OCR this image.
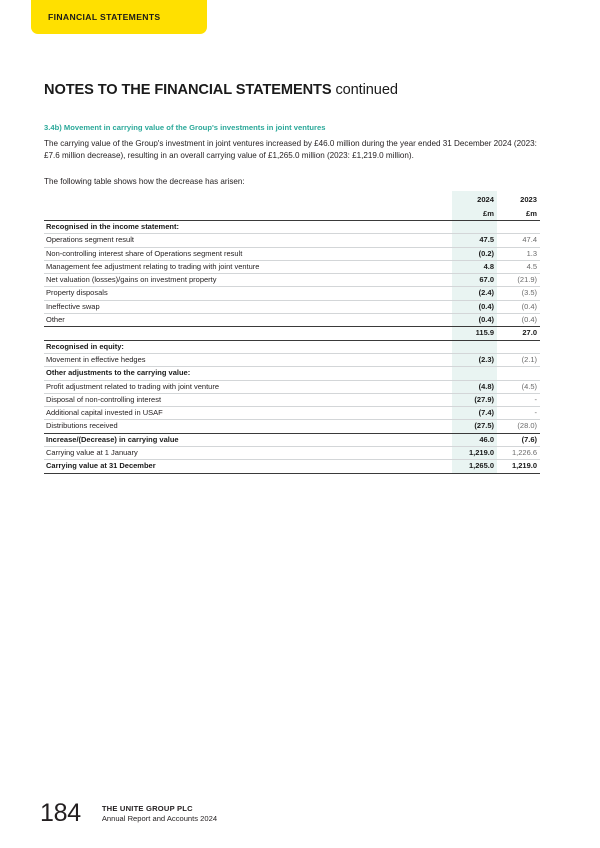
FINANCIAL STATEMENTS
NOTES TO THE FINANCIAL STATEMENTS continued
3.4b) Movement in carrying value of the Group's investments in joint ventures

The carrying value of the Group's investment in joint ventures increased by £46.0 million during the year ended 31 December 2024 (2023: £7.6 million decrease), resulting in an overall carrying value of £1,265.0 million (2023: £1,219.0 million).

The following table shows how the decrease has arisen:

	2024	2023
	£m	£m
Recognised in the income statement:		
Operations segment result	47.5	47.4
Non-controlling interest share of Operations segment result	(0.2)	1.3
Management fee adjustment relating to trading with joint venture	4.8	4.5
Net valuation (losses)/gains on investment property	67.0	(21.9)
Property disposals	(2.4)	(3.5)
Ineffective swap	(0.4)	(0.4)
Other	(0.4)	(0.4)
	115.9	27.0
Recognised in equity:		
Movement in effective hedges	(2.3)	(2.1)
Other adjustments to the carrying value:		
Profit adjustment related to trading with joint venture	(4.8)	(4.5)
Disposal of non-controlling interest	(27.9)	-
Additional capital invested in USAF	(7.4)	-
Distributions received	(27.5)	(28.0)
Increase/(Decrease) in carrying value	46.0	(7.6)
Carrying value at 1 January	1,219.0	1,226.6
Carrying value at 31 December	1,265.0	1,219.0
184	THE UNITE GROUP PLC
Annual Report and Accounts 2024
